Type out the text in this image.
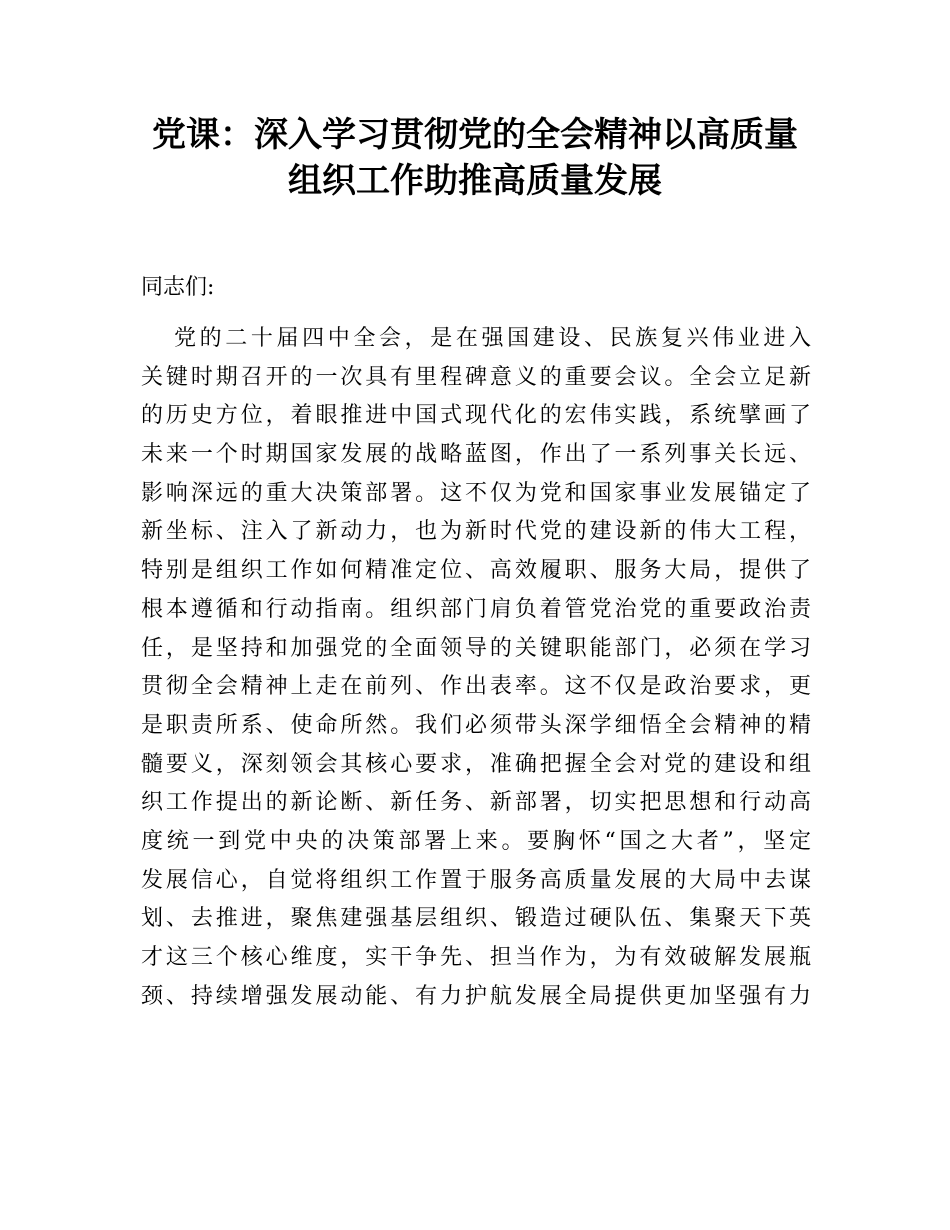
党课：深入学习贯彻党的全会精神以高质量
组织工作助推高质量发展
同志们:
党的二十届四中全会，是在强国建设、民族复兴伟业进入
关键时期召开的一次具有里程碑意义的重要会议。全会立足新
的历史方位，着眼推进中国式现代化的宏伟实践，系统擘画了
未来一个时期国家发展的战略蓝图，作出了一系列事关长远、
影响深远的重大决策部署。这不仅为党和国家事业发展锚定了
新坐标、注入了新动力，也为新时代党的建设新的伟大工程，
特别是组织工作如何精准定位、高效履职、服务大局，提供了
根本遵循和行动指南。组织部门肩负着管党治党的重要政治责
任，是坚持和加强党的全面领导的关键职能部门，必须在学习
贯彻全会精神上走在前列、作出表率。这不仅是政治要求，更
是职责所系、使命所然。我们必须带头深学细悟全会精神的精
髓要义，深刻领会其核心要求，准确把握全会对党的建设和组
织工作提出的新论断、新任务、新部署，切实把思想和行动高
度统一到党中央的决策部署上来。要胸怀“国之大者”，坚定
发展信心，自觉将组织工作置于服务高质量发展的大局中去谋
划、去推进，聚焦建强基层组织、锻造过硬队伍、集聚天下英
才这三个核心维度，实干争先、担当作为，为有效破解发展瓶
颈、持续增强发展动能、有力护航发展全局提供更加坚强有力
